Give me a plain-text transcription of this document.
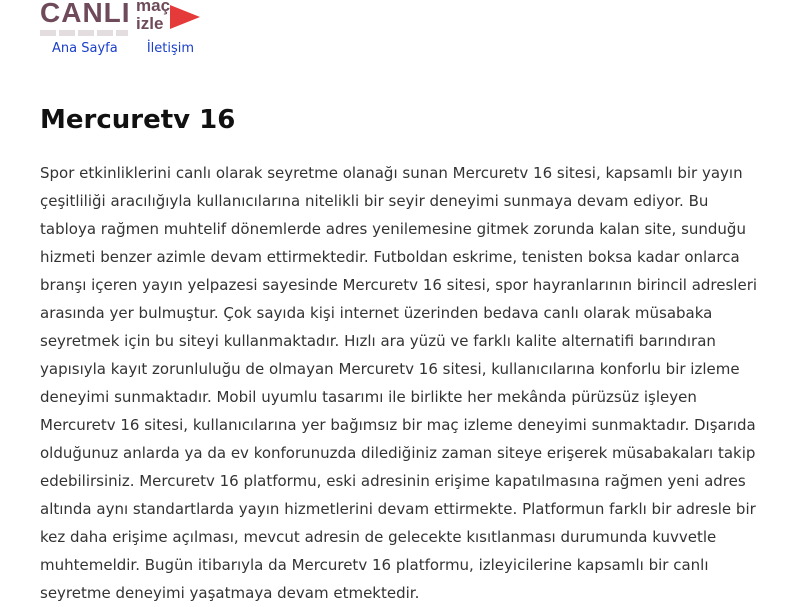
CANLI maç
izle
Ana Sayfa İletişim
Mercuretv 16

Spor etkinliklerini canlı olarak seyretme olanağı sunan Mercuretv 16 sitesi, kapsamlı bir yayın çeşitliliği aracılığıyla kullanıcılarına nitelikli bir seyir deneyimi sunmaya devam ediyor. Bu tabloya rağmen muhtelif dönemlerde adres yenilemesine gitmek zorunda kalan site, sunduğu hizmeti benzer azimle devam ettirmektedir. Futboldan eskrime, tenisten boksa kadar onlarca branşı içeren yayın yelpazesi sayesinde Mercuretv 16 sitesi, spor hayranlarının birincil adresleri arasında yer bulmuştur. Çok sayıda kişi internet üzerinden bedava canlı olarak müsabaka seyretmek için bu siteyi kullanmaktadır. Hızlı ara yüzü ve farklı kalite alternatifi barındıran yapısıyla kayıt zorunluluğu de olmayan Mercuretv 16 sitesi, kullanıcılarına konforlu bir izleme deneyimi sunmaktadır. Mobil uyumlu tasarımı ile birlikte her mekânda pürüzsüz işleyen Mercuretv 16 sitesi, kullanıcılarına yer bağımsız bir maç izleme deneyimi sunmaktadır. Dışarıda olduğunuz anlarda ya da ev konforunuzda dilediğiniz zaman siteye erişerek müsabakaları takip edebilirsiniz. Mercuretv 16 platformu, eski adresinin erişime kapatılmasına rağmen yeni adres altında aynı standartlarda yayın hizmetlerini devam ettirmekte. Platformun farklı bir adresle bir kez daha erişime açılması, mevcut adresin de gelecekte kısıtlanması durumunda kuvvetle muhtemeldir. Bugün itibarıyla da Mercuretv 16 platformu, izleyicilerine kapsamlı bir canlı seyretme deneyimi yaşatmaya devam etmektedir.
